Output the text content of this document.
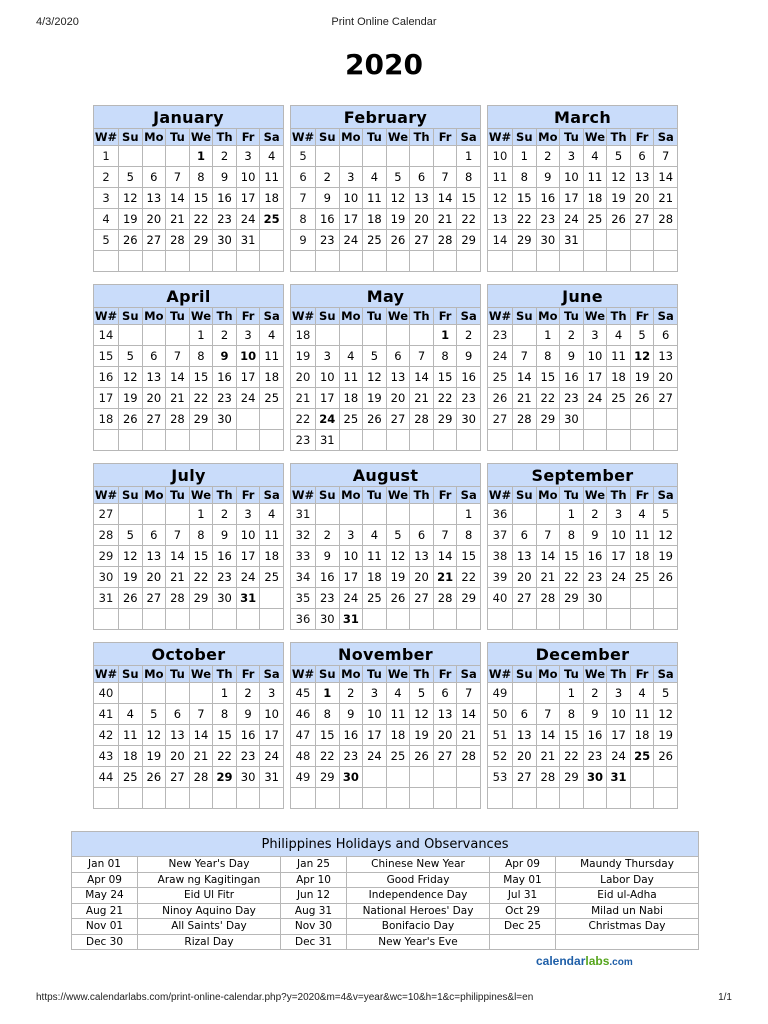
4/3/2020	Print Online Calendar
2020
January							
W#	Su	Mo	Tu	We	Th	Fr	Sa
1				1	2	3	4
2	5	6	7	8	9	10	11
3	12	13	14	15	16	17	18
4	19	20	21	22	23	24	25
5	26	27	28	29	30	31	

February							
W#	Su	Mo	Tu	We	Th	Fr	Sa
5							1
6	2	3	4	5	6	7	8
7	9	10	11	12	13	14	15
8	16	17	18	19	20	21	22
9	23	24	25	26	27	28	29

March							
W#	Su	Mo	Tu	We	Th	Fr	Sa
10	1	2	3	4	5	6	7
11	8	9	10	11	12	13	14
12	15	16	17	18	19	20	21
13	22	23	24	25	26	27	28
14	29	30	31				

April							
W#	Su	Mo	Tu	We	Th	Fr	Sa
14				1	2	3	4
15	5	6	7	8	9	10	11
16	12	13	14	15	16	17	18
17	19	20	21	22	23	24	25
18	26	27	28	29	30		

May							
W#	Su	Mo	Tu	We	Th	Fr	Sa
18						1	2
19	3	4	5	6	7	8	9
20	10	11	12	13	14	15	16
21	17	18	19	20	21	22	23
22	24	25	26	27	28	29	30
23	31						
June							
W#	Su	Mo	Tu	We	Th	Fr	Sa
23		1	2	3	4	5	6
24	7	8	9	10	11	12	13
25	14	15	16	17	18	19	20
26	21	22	23	24	25	26	27
27	28	29	30				

July							
W#	Su	Mo	Tu	We	Th	Fr	Sa
27				1	2	3	4
28	5	6	7	8	9	10	11
29	12	13	14	15	16	17	18
30	19	20	21	22	23	24	25
31	26	27	28	29	30	31	

August							
W#	Su	Mo	Tu	We	Th	Fr	Sa
31							1
32	2	3	4	5	6	7	8
33	9	10	11	12	13	14	15
34	16	17	18	19	20	21	22
35	23	24	25	26	27	28	29
36	30	31					
September							
W#	Su	Mo	Tu	We	Th	Fr	Sa
36			1	2	3	4	5
37	6	7	8	9	10	11	12
38	13	14	15	16	17	18	19
39	20	21	22	23	24	25	26
40	27	28	29	30			

October							
W#	Su	Mo	Tu	We	Th	Fr	Sa
40					1	2	3
41	4	5	6	7	8	9	10
42	11	12	13	14	15	16	17
43	18	19	20	21	22	23	24
44	25	26	27	28	29	30	31

November							
W#	Su	Mo	Tu	We	Th	Fr	Sa
45	1	2	3	4	5	6	7
46	8	9	10	11	12	13	14
47	15	16	17	18	19	20	21
48	22	23	24	25	26	27	28
49	29	30					

December							
W#	Su	Mo	Tu	We	Th	Fr	Sa
49			1	2	3	4	5
50	6	7	8	9	10	11	12
51	13	14	15	16	17	18	19
52	20	21	22	23	24	25	26
53	27	28	29	30	31		

Philippines Holidays and Observances					
Jan 01	New Year's Day	Jan 25	Chinese New Year	Apr 09	Maundy Thursday
Apr 09	Araw ng Kagitingan	Apr 10	Good Friday	May 01	Labor Day
May 24	Eid Ul Fitr	Jun 12	Independence Day	Jul 31	Eid ul-Adha
Aug 21	Ninoy Aquino Day	Aug 31	National Heroes' Day	Oct 29	Milad un Nabi
Nov 01	All Saints' Day	Nov 30	Bonifacio Day	Dec 25	Christmas Day
Dec 30	Rizal Day	Dec 31	New Year's Eve		
calendarlabs.com
https://www.calendarlabs.com/print-online-calendar.php?y=2020&m=4&v=year&wc=10&h=1&c=philippines&l=en	1/1
